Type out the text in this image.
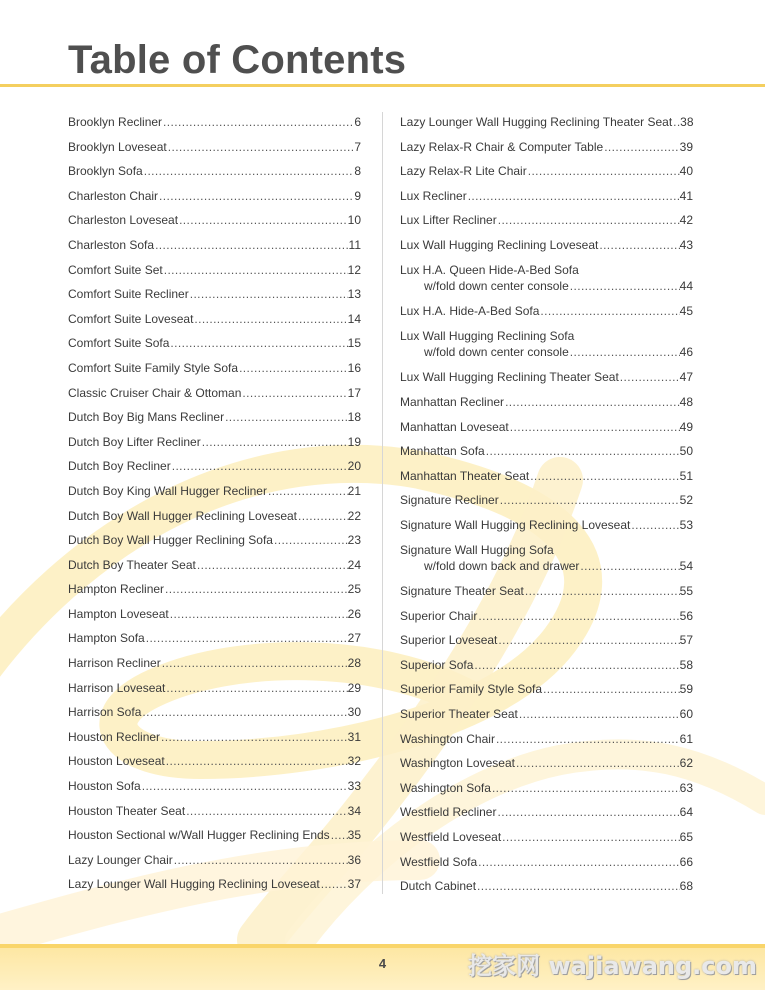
Table of Contents
Brooklyn Recliner .....	6
Brooklyn Loveseat .....	7
Brooklyn Sofa .....	8
Charleston Chair .....	9
Charleston Loveseat .....	10
Charleston Sofa .....	11
Comfort Suite Set .....	12
Comfort Suite Recliner .....	13
Comfort Suite Loveseat .....	14
Comfort Suite Sofa .....	15
Comfort Suite Family Style Sofa .....	16
Classic Cruiser Chair & Ottoman .....	17
Dutch Boy Big Mans Recliner .....	18
Dutch Boy Lifter Recliner .....	19
Dutch Boy Recliner .....	20
Dutch Boy King Wall Hugger Recliner .....	21
Dutch Boy Wall Hugger Reclining Loveseat .....	22
Dutch Boy Wall Hugger Reclining Sofa .....	23
Dutch Boy Theater Seat .....	24
Hampton Recliner .....	25
Hampton Loveseat .....	26
Hampton Sofa .....	27
Harrison Recliner .....	28
Harrison Loveseat .....	29
Harrison Sofa .....	30
Houston Recliner .....	31
Houston Loveseat .....	32
Houston Sofa .....	33
Houston Theater Seat .....	34
Houston Sectional w/Wall Hugger Reclining Ends ..... 35
Lazy Lounger Chair .....	36
Lazy Lounger Wall Hugging Reclining Loveseat ..... 37
Lazy Lounger Wall Hugging Reclining Theater Seat ..... 38
Lazy Relax-R Chair & Computer Table .....	39
Lazy Relax-R Lite Chair .....	40
Lux Recliner .....	41
Lux Lifter Recliner .....	42
Lux Wall Hugging Reclining Loveseat .....	43
Lux H.A. Queen Hide-A-Bed Sofa
w/fold down center console .....	44
Lux H.A. Hide-A-Bed Sofa .....	45
Lux Wall Hugging Reclining Sofa
w/fold down center console .....	46
Lux Wall Hugging Reclining Theater Seat .....	47
Manhattan Recliner .....	48
Manhattan Loveseat .....	49
Manhattan Sofa .....	50
Manhattan Theater Seat .....	51
Signature Recliner .....	52
Signature Wall Hugging Reclining Loveseat .....	53
Signature Wall Hugging Sofa
w/fold down back and drawer .....	54
Signature Theater Seat .....	55
Superior Chair .....	56
Superior Loveseat .....	57
Superior Sofa .....	58
Superior Family Style Sofa .....	59
Superior Theater Seat .....	60
Washington Chair .....	61
Washington Loveseat .....	62
Washington Sofa .....	63
Westfield Recliner .....	64
Westfield Loveseat .....	65
Westfield Sofa .....	66
Dutch Cabinet .....	68
4	挖家网 wajiawang.com
